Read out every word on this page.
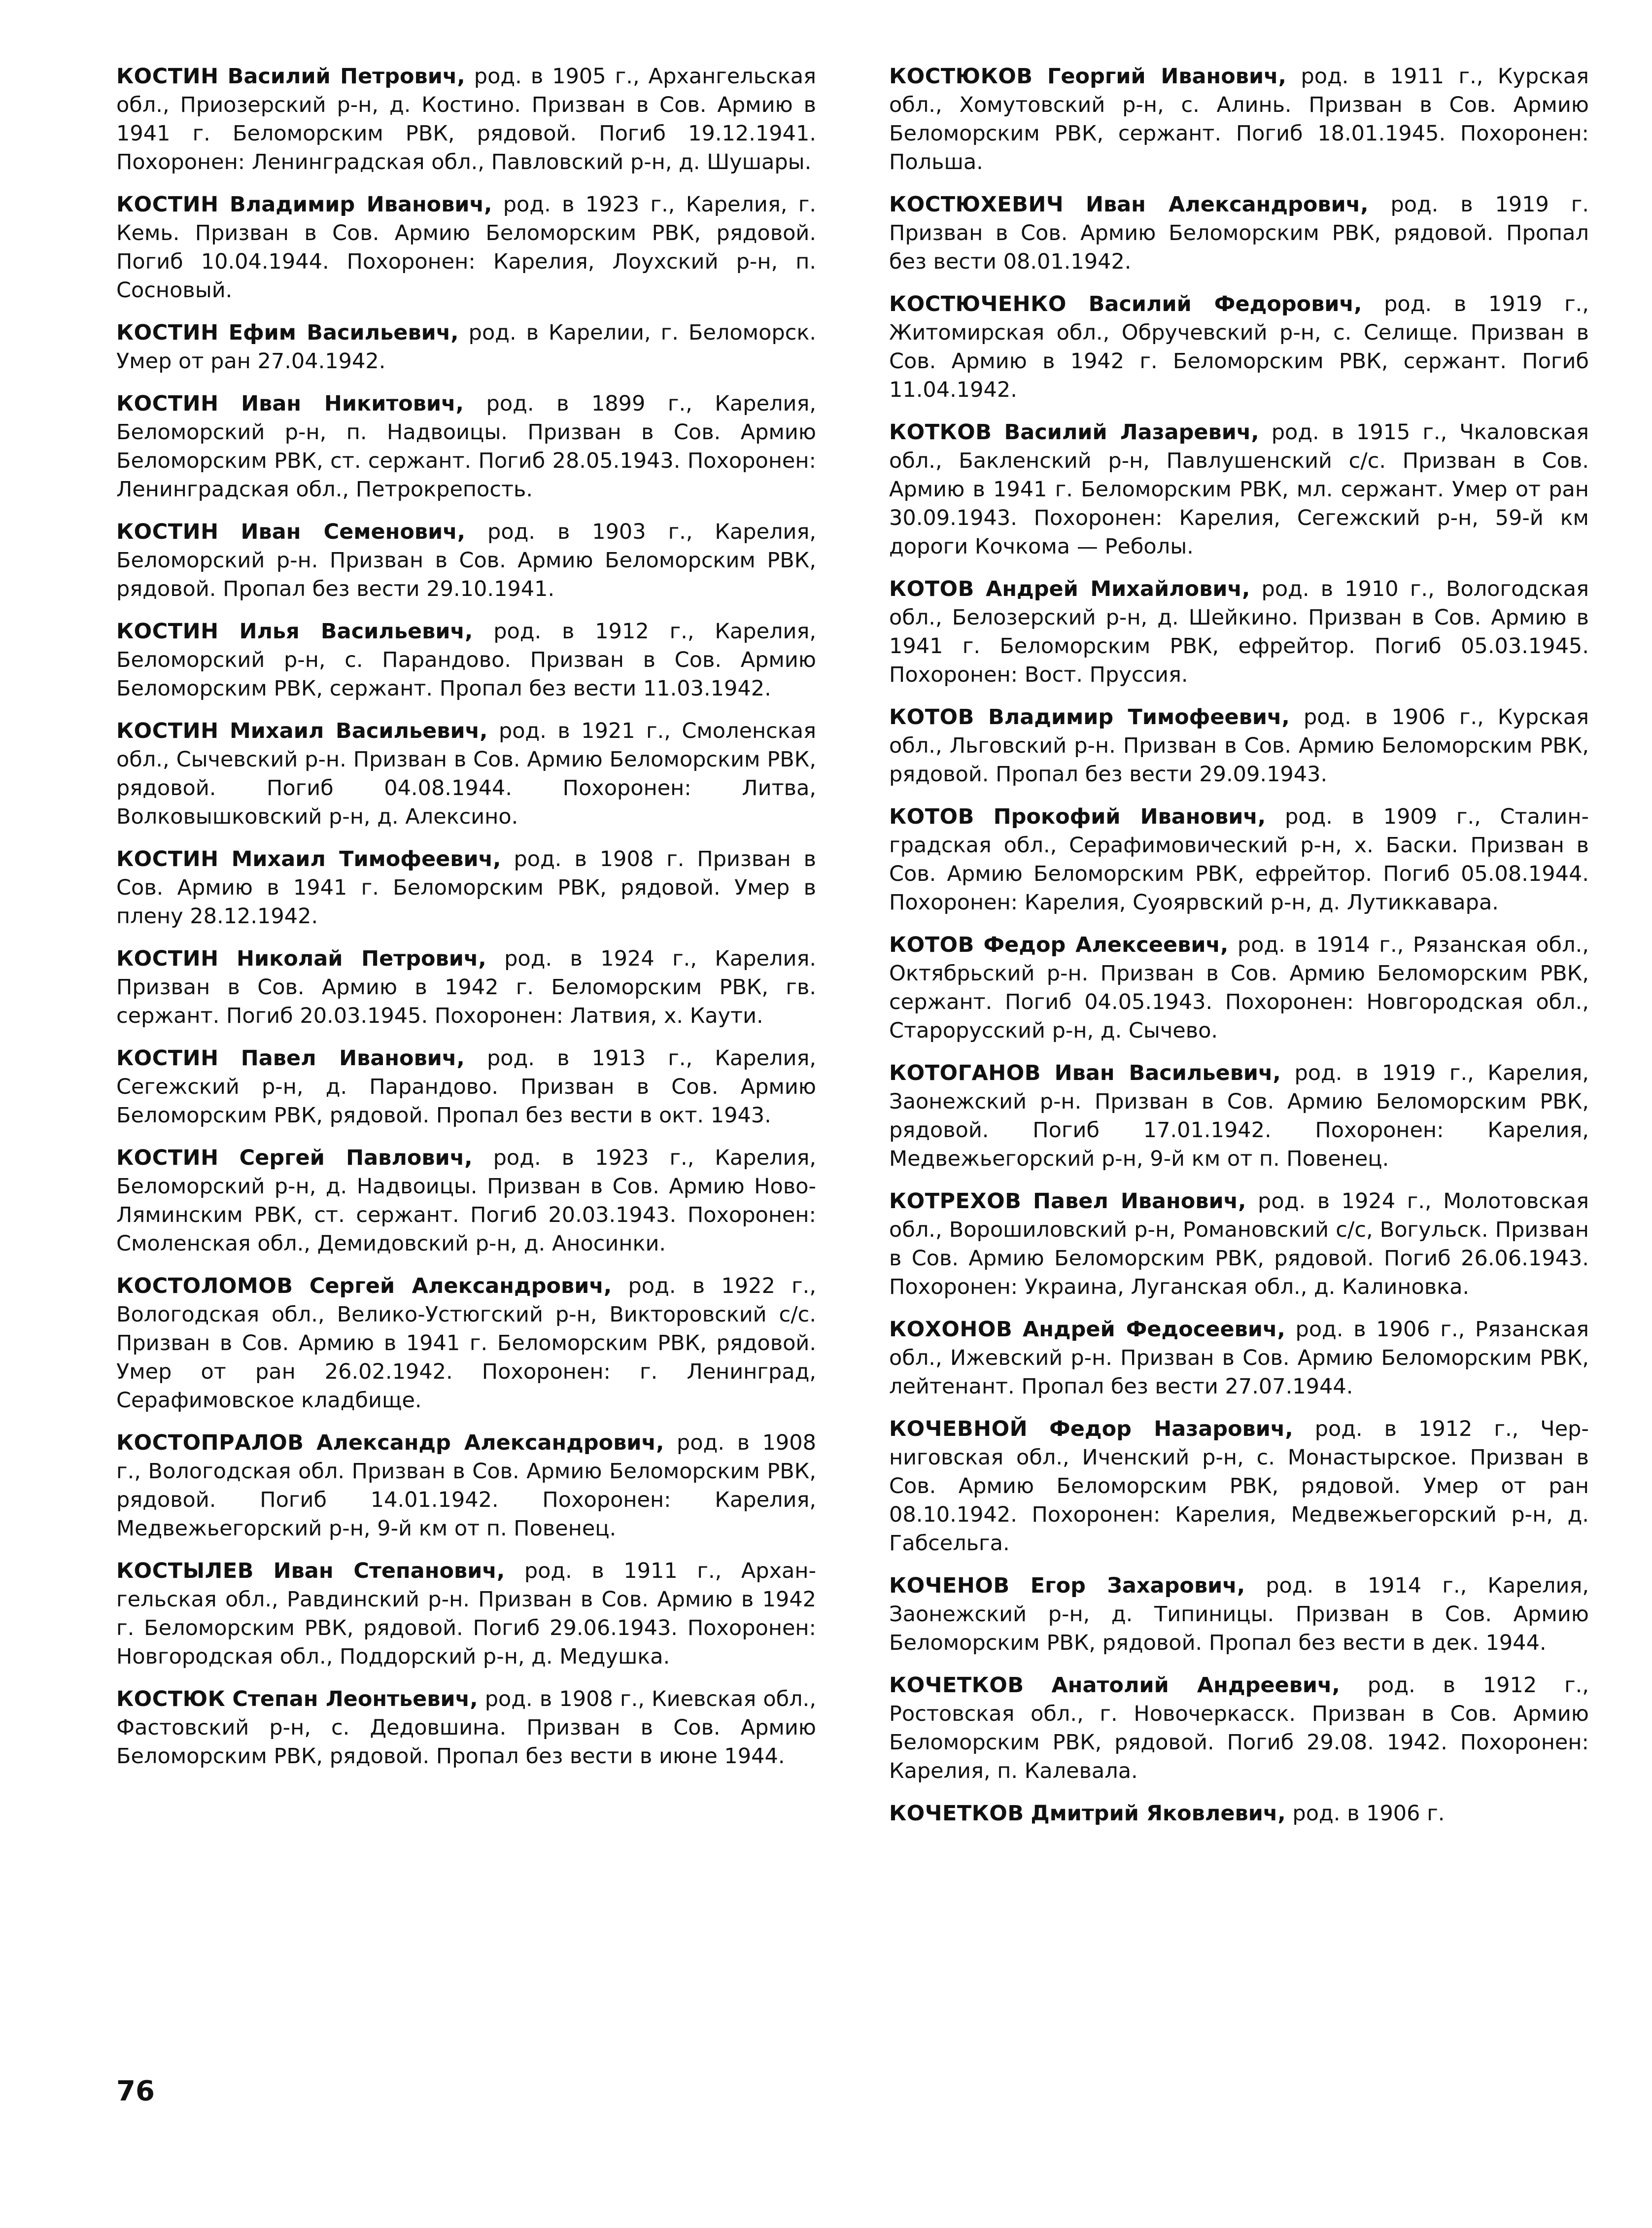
КОСТИН Василий Петрович, род. в 1905 г., Архангельская обл., Приозерский р-н, д. Костино. Призван в Сов. Армию в 1941 г. Беломорским РВК, рядовой. Погиб 19.12.1941. Похоронен: Ленинградская обл., Павловский р-н, д. Шушары.

КОСТИН Владимир Иванович, род. в 1923 г., Карелия, г. Кемь. Призван в Сов. Армию Беломорским РВК, рядовой. Погиб 10.04.1944. Похоронен: Карелия, Лоухский р-н, п. Сосновый.

КОСТИН Ефим Васильевич, род. в Карелии, г. Беломорск. Умер от ран 27.04.1942.

КОСТИН Иван Никитович, род. в 1899 г., Карелия, Беломорский р-н, п. Надвоицы. Призван в Сов. Армию Беломорским РВК, ст. сержант. Погиб 28.05.1943. Похоронен: Ленинградская обл., Петрокрепость.

КОСТИН Иван Семенович, род. в 1903 г., Карелия, Беломорский р-н. Призван в Сов. Армию Беломорским РВК, рядовой. Пропал без вести 29.10.1941.

КОСТИН Илья Васильевич, род. в 1912 г., Карелия, Беломорский р-н, с. Парандово. Призван в Сов. Армию Беломорским РВК, сержант. Пропал без вести 11.03.1942.

КОСТИН Михаил Васильевич, род. в 1921 г., Смоленская обл., Сычевский р-н. Призван в Сов. Армию Беломорским РВК, рядовой. Погиб 04.08.1944. Похоронен: Литва, Волковышковский р-н, д. Алексино.

КОСТИН Михаил Тимофеевич, род. в 1908 г. Призван в Сов. Армию в 1941 г. Беломорским РВК, рядовой. Умер в плену 28.12.1942.

КОСТИН Николай Петрович, род. в 1924 г., Карелия. Призван в Сов. Армию в 1942 г. Беломорским РВК, гв. сержант. Погиб 20.03.1945. Похоронен: Латвия, х. Каути.

КОСТИН Павел Иванович, род. в 1913 г., Карелия, Сегежский р-н, д. Парандово. Призван в Сов. Армию Беломорским РВК, рядовой. Пропал без вести в окт. 1943.

КОСТИН Сергей Павлович, род. в 1923 г., Карелия, Беломорский р-н, д. Надвоицы. Призван в Сов. Армию Ново-Ляминским РВК, ст. сержант. Погиб 20.03.1943. Похоронен: Смоленская обл., Демидовский р-н, д. Аносинки.

КОСТОЛОМОВ Сергей Александрович, род. в 1922 г., Вологодская обл., Велико-Устюгский р-н, Викторовский с/с. Призван в Сов. Армию в 1941 г. Беломорским РВК, рядовой. Умер от ран 26.02.1942. Похоронен: г. Ленинград, Серафимовское кладбище.

КОСТОПРАЛОВ Александр Александрович, род. в 1908 г., Вологодская обл. Призван в Сов. Армию Беломорским РВК, рядовой. Погиб 14.01.1942. Похоронен: Карелия, Медвежьегорский р-н, 9-й км от п. Повенец.

КОСТЫЛЕВ Иван Степанович, род. в 1911 г., Архангельская обл., Равдинский р-н. Призван в Сов. Армию в 1942 г. Беломорским РВК, рядовой. Погиб 29.06.1943. Похоронен: Новгородская обл., Поддорский р-н, д. Медушка.

КОСТЮК Степан Леонтьевич, род. в 1908 г., Киевская обл., Фастовский р-н, с. Дедовшина. Призван в Сов. Армию Беломорским РВК, рядовой. Пропал без вести в июне 1944.

КОСТЮКОВ Георгий Иванович, род. в 1911 г., Курская обл., Хомутовский р-н, с. Алинь. Призван в Сов. Армию Беломорским РВК, сержант. Погиб 18.01.1945. Похоронен: Польша.

КОСТЮХЕВИЧ Иван Александрович, род. в 1919 г. Призван в Сов. Армию Беломорским РВК, рядовой. Пропал без вести 08.01.1942.

КОСТЮЧЕНКО Василий Федорович, род. в 1919 г., Житомирская обл., Обручевский р-н, с. Селище. Призван в Сов. Армию в 1942 г. Беломорским РВК, сержант. Погиб 11.04.1942.

КОТКОВ Василий Лазаревич, род. в 1915 г., Чкаловская обл., Бакленский р-н, Павлушенский с/с. Призван в Сов. Армию в 1941 г. Беломорским РВК, мл. сержант. Умер от ран 30.09.1943. Похоронен: Карелия, Сегежский р-н, 59-й км дороги Кочкома — Реболы.

КОТОВ Андрей Михайлович, род. в 1910 г., Вологодская обл., Белозерский р-н, д. Шейкино. Призван в Сов. Армию в 1941 г. Беломорским РВК, ефрейтор. Погиб 05.03.1945. Похоронен: Вост. Пруссия.

КОТОВ Владимир Тимофеевич, род. в 1906 г., Курская обл., Льговский р-н. Призван в Сов. Армию Беломорским РВК, рядовой. Пропал без вести 29.09.1943.

КОТОВ Прокофий Иванович, род. в 1909 г., Сталинградская обл., Серафимовический р-н, х. Баски. Призван в Сов. Армию Беломорским РВК, ефрейтор. Погиб 05.08.1944. Похоронен: Карелия, Суоярвский р-н, д. Лутиккавара.

КОТОВ Федор Алексеевич, род. в 1914 г., Рязанская обл., Октябрьский р-н. Призван в Сов. Армию Беломорским РВК, сержант. Погиб 04.05.1943. Похоронен: Новгородская обл., Старорусский р-н, д. Сычево.

КОТОГАНОВ Иван Васильевич, род. в 1919 г., Карелия, Заонежский р-н. Призван в Сов. Армию Беломорским РВК, рядовой. Погиб 17.01.1942. Похоронен: Карелия, Медвежьегорский р-н, 9-й км от п. Повенец.

КОТРЕХОВ Павел Иванович, род. в 1924 г., Молотовская обл., Ворошиловский р-н, Романовский с/с, Вогульск. Призван в Сов. Армию Беломорским РВК, рядовой. Погиб 26.06.1943. Похоронен: Украина, Луганская обл., д. Калиновка.

КОХОНОВ Андрей Федосеевич, род. в 1906 г., Рязанская обл., Ижевский р-н. Призван в Сов. Армию Беломорским РВК, лейтенант. Пропал без вести 27.07.1944.

КОЧЕВНОЙ Федор Назарович, род. в 1912 г., Черниговская обл., Иченский р-н, с. Монастырское. Призван в Сов. Армию Беломорским РВК, рядовой. Умер от ран 08.10.1942. Похоронен: Карелия, Медвежьегорский р-н, д. Габсельга.

КОЧЕНОВ Егор Захарович, род. в 1914 г., Карелия, Заонежский р-н, д. Типиницы. Призван в Сов. Армию Беломорским РВК, рядовой. Пропал без вести в дек. 1944.

КОЧЕТКОВ Анатолий Андреевич, род. в 1912 г., Ростовская обл., г. Новочеркасск. Призван в Сов. Армию Беломорским РВК, рядовой. Погиб 29.08. 1942. Похоронен: Карелия, п. Калевала.

КОЧЕТКОВ Дмитрий Яковлевич, род. в 1906 г.

76
